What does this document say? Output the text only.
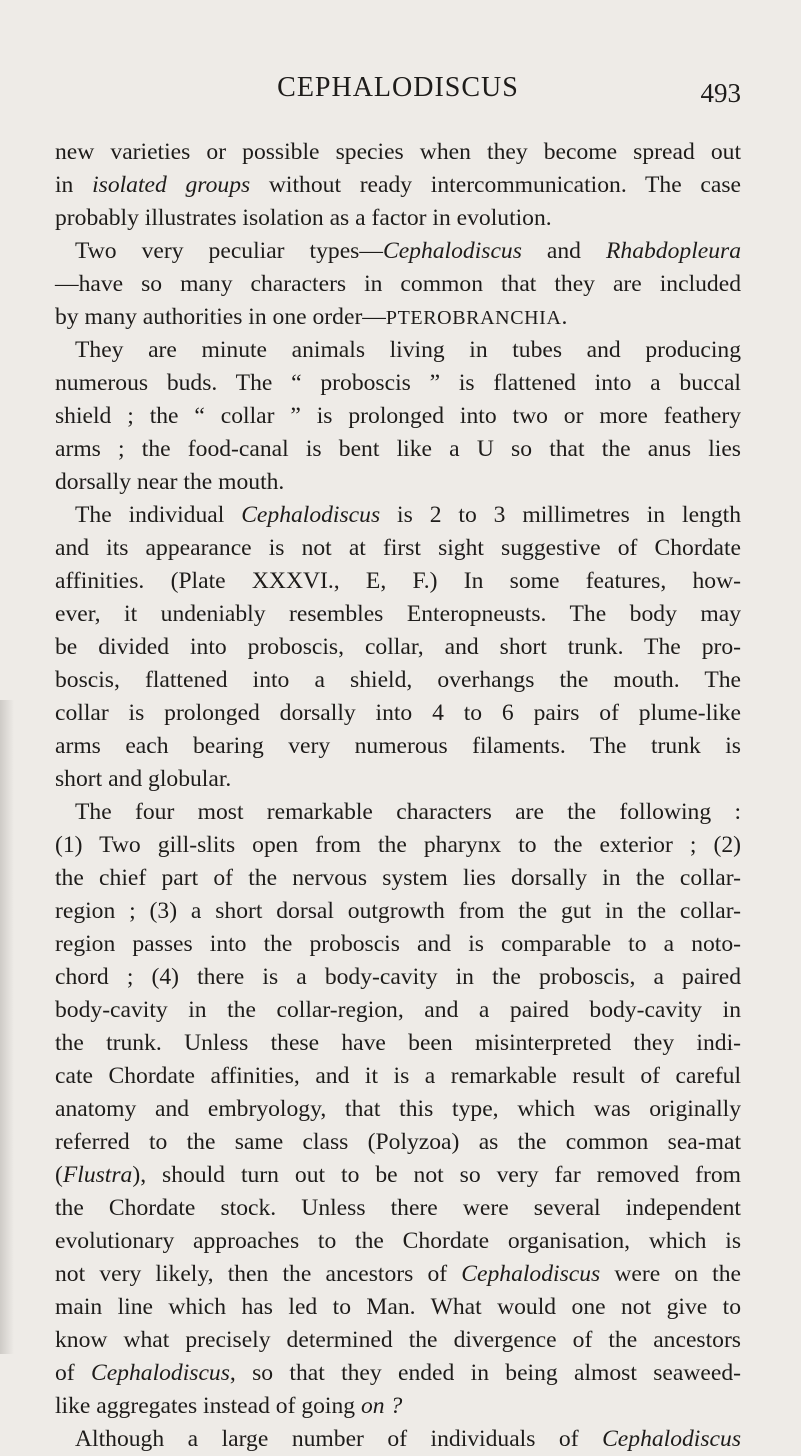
CEPHALODISCUS	493
new varieties or possible species when they become spread out
in isolated groups without ready intercommunication. The case
probably illustrates isolation as a factor in evolution.
Two very peculiar types—Cephalodiscus and Rhabdopleura
—have so many characters in common that they are included
by many authorities in one order—PTEROBRANCHIA.
They are minute animals living in tubes and producing
numerous buds. The “ proboscis ” is flattened into a buccal
shield ; the “ collar ” is prolonged into two or more feathery
arms ; the food-canal is bent like a U so that the anus lies
dorsally near the mouth.
The individual Cephalodiscus is 2 to 3 millimetres in length
and its appearance is not at first sight suggestive of Chordate
affinities. (Plate XXXVI., E, F.) In some features, how-
ever, it undeniably resembles Enteropneusts. The body may
be divided into proboscis, collar, and short trunk. The pro-
boscis, flattened into a shield, overhangs the mouth. The
collar is prolonged dorsally into 4 to 6 pairs of plume-like
arms each bearing very numerous filaments. The trunk is
short and globular.
The four most remarkable characters are the following :
(1) Two gill-slits open from the pharynx to the exterior ; (2)
the chief part of the nervous system lies dorsally in the collar-
region ; (3) a short dorsal outgrowth from the gut in the collar-
region passes into the proboscis and is comparable to a noto-
chord ; (4) there is a body-cavity in the proboscis, a paired
body-cavity in the collar-region, and a paired body-cavity in
the trunk. Unless these have been misinterpreted they indi-
cate Chordate affinities, and it is a remarkable result of careful
anatomy and embryology, that this type, which was originally
referred to the same class (Polyzoa) as the common sea-mat
(Flustra), should turn out to be not so very far removed from
the Chordate stock. Unless there were several independent
evolutionary approaches to the Chordate organisation, which is
not very likely, then the ancestors of Cephalodiscus were on the
main line which has led to Man. What would one not give to
know what precisely determined the divergence of the ancestors
of Cephalodiscus, so that they ended in being almost seaweed-
like aggregates instead of going on ?
Although a large number of individuals of Cephalodiscus
